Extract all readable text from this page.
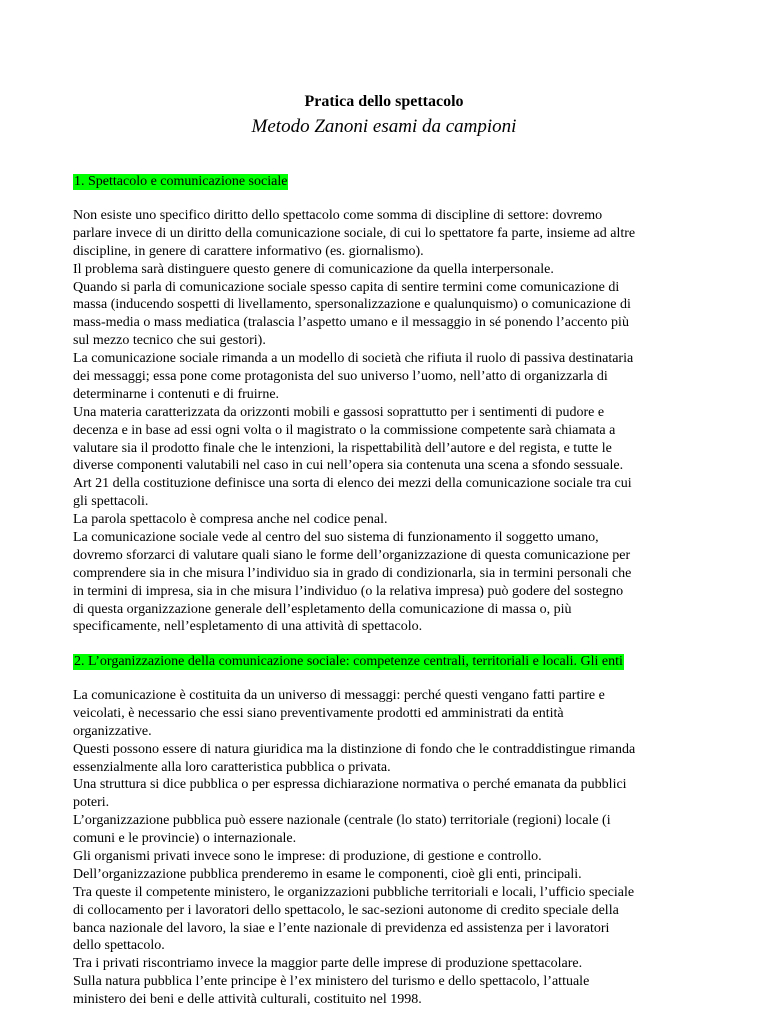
Pratica dello spettacolo
Metodo Zanoni esami da campioni
1. Spettacolo e comunicazione sociale
Non esiste uno specifico diritto dello spettacolo come somma di discipline di settore: dovremo
parlare invece di un diritto della comunicazione sociale, di cui lo spettatore fa parte, insieme ad altre
discipline, in genere di carattere informativo (es. giornalismo).
Il problema sarà distinguere questo genere di comunicazione da quella interpersonale.
Quando si parla di comunicazione sociale spesso capita di sentire termini come comunicazione di
massa (inducendo sospetti di livellamento, spersonalizzazione e qualunquismo) o comunicazione di
mass-media o mass mediatica (tralascia l’aspetto umano e il messaggio in sé ponendo l’accento più
sul mezzo tecnico che sui gestori).
La comunicazione sociale rimanda a un modello di società che rifiuta il ruolo di passiva destinataria
dei messaggi; essa pone come protagonista del suo universo l’uomo, nell’atto di organizzarla di
determinarne i contenuti e di fruirne.
Una materia caratterizzata da orizzonti mobili e gassosi soprattutto per i sentimenti di pudore e
decenza e in base ad essi ogni volta o il magistrato o la commissione competente sarà chiamata a
valutare sia il prodotto finale che le intenzioni, la rispettabilità dell’autore e del regista, e tutte le
diverse componenti valutabili nel caso in cui nell’opera sia contenuta una scena a sfondo sessuale.
Art 21 della costituzione definisce una sorta di elenco dei mezzi della comunicazione sociale tra cui
gli spettacoli.
La parola spettacolo è compresa anche nel codice penal.
La comunicazione sociale vede al centro del suo sistema di funzionamento il soggetto umano,
dovremo sforzarci di valutare quali siano le forme dell’organizzazione di questa comunicazione per
comprendere sia in che misura l’individuo sia in grado di condizionarla, sia in termini personali che
in termini di impresa, sia in che misura l’individuo (o la relativa impresa) può godere del sostegno
di questa organizzazione generale dell’espletamento della comunicazione di massa o, più
specificamente, nell’espletamento di una attività di spettacolo.
2. L’organizzazione della comunicazione sociale: competenze centrali, territoriali e locali. Gli enti
La comunicazione è costituita da un universo di messaggi: perché questi vengano fatti partire e
veicolati, è necessario che essi siano preventivamente prodotti ed amministrati da entità
organizzative.
Questi possono essere di natura giuridica ma la distinzione di fondo che le contraddistingue rimanda
essenzialmente alla loro caratteristica pubblica o privata.
Una struttura si dice pubblica o per espressa dichiarazione normativa o perché emanata da pubblici
poteri.
L’organizzazione pubblica può essere nazionale (centrale (lo stato) territoriale (regioni) locale (i
comuni e le provincie) o internazionale.
Gli organismi privati invece sono le imprese: di produzione, di gestione e controllo.
Dell’organizzazione pubblica prenderemo in esame le componenti, cioè gli enti, principali.
Tra queste il competente ministero, le organizzazioni pubbliche territoriali e locali, l’ufficio speciale
di collocamento per i lavoratori dello spettacolo, le sac-sezioni autonome di credito speciale della
banca nazionale del lavoro, la siae e l’ente nazionale di previdenza ed assistenza per i lavoratori
dello spettacolo.
Tra i privati riscontriamo invece la maggior parte delle imprese di produzione spettacolare.
Sulla natura pubblica l’ente principe è l’ex ministero del turismo e dello spettacolo, l’attuale
ministero dei beni e delle attività culturali, costituito nel 1998.
